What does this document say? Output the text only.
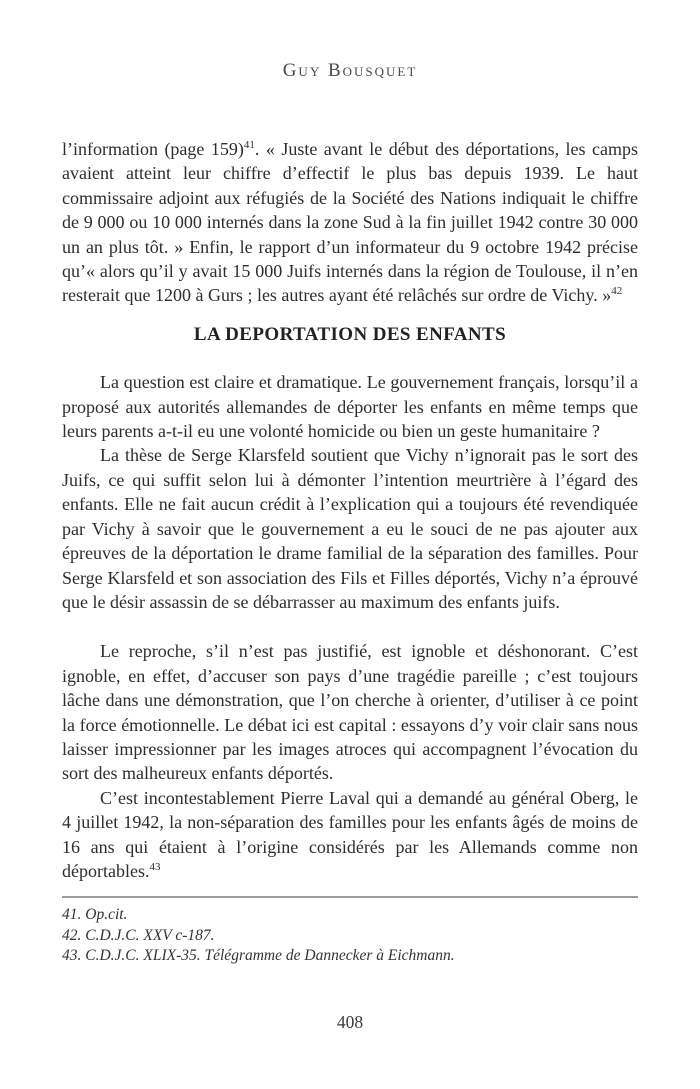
Guy Bousquet

l’information (page 159)$^{41}$. « Juste avant le début des déportations, les camps avaient atteint leur chiffre d’effectif le plus bas depuis 1939. Le haut commissaire adjoint aux réfugiés de la Société des Nations indiquait le chiffre de 9 000 ou 10 000 internés dans la zone Sud à la fin juillet 1942 contre 30 000 un an plus tôt. » Enfin, le rapport d’un informateur du 9 octobre 1942 précise qu’« alors qu’il y avait 15 000 Juifs internés dans la région de Toulouse, il n’en resterait que 1200 à Gurs ; les autres ayant été relâchés sur ordre de Vichy. »$^{42}$

LA DEPORTATION DES ENFANTS

La question est claire et dramatique. Le gouvernement français, lorsqu’il a proposé aux autorités allemandes de déporter les enfants en même temps que leurs parents a-t-il eu une volonté homicide ou bien un geste humanitaire ?

La thèse de Serge Klarsfeld soutient que Vichy n’ignorait pas le sort des Juifs, ce qui suffit selon lui à démonter l’intention meurtrière à l’égard des enfants. Elle ne fait aucun crédit à l’explication qui a toujours été revendiquée par Vichy à savoir que le gouvernement a eu le souci de ne pas ajouter aux épreuves de la déportation le drame familial de la séparation des familles. Pour Serge Klarsfeld et son association des Fils et Filles déportés, Vichy n’a éprouvé que le désir assassin de se débarrasser au maximum des enfants juifs.

Le reproche, s’il n’est pas justifié, est ignoble et déshonorant. C’est ignoble, en effet, d’accuser son pays d’une tragédie pareille ; c’est toujours lâche dans une démonstration, que l’on cherche à orienter, d’utiliser à ce point la force émotionnelle. Le débat ici est capital : essayons d’y voir clair sans nous laisser impressionner par les images atroces qui accompagnent l’évocation du sort des malheureux enfants déportés.

C’est incontestablement Pierre Laval qui a demandé au général Oberg, le 4 juillet 1942, la non-séparation des familles pour les enfants âgés de moins de 16 ans qui étaient à l’origine considérés par les Allemands comme non déportables.$^{43}$

41. Op.cit.

42. C.D.J.C. XXV c-187.

43. C.D.J.C. XLIX-35. Télégramme de Dannecker à Eichmann.

408
